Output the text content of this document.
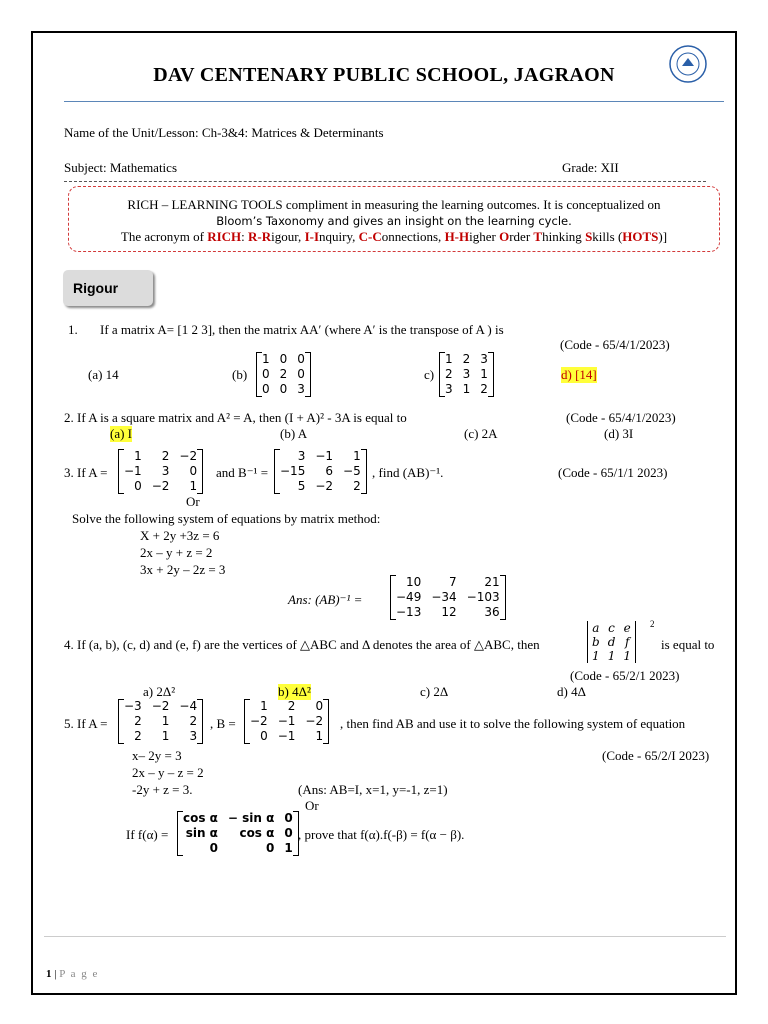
DAV CENTENARY PUBLIC SCHOOL, JAGRAON
Name of the Unit/Lesson: Ch-3&4: Matrices & Determinants
Subject: Mathematics	Grade: XII
RICH – LEARNING TOOLS compliment in measuring the learning outcomes. It is conceptualized on
Bloom’s Taxonomy and gives an insight on the learning cycle.
The acronym of RICH: R-Rigour, I-Inquiry, C-Connections, H-Higher Order Thinking Skills (HOTS)]
Rigour
1. If a matrix A= [1 2 3], then the matrix AA′ (where A′ is the transpose of A ) is
(Code - 65/4/1/2023)
(a) 14	(b)
1	0	0
0	2	0
0	0	3
c)
1	2	3
2	3	1
3	1	2
d) [14]
2. If A is a square matrix and A² = A, then (I + A)² - 3A is equal to	(Code - 65/4/1/2023)
(a) I	(b) A	(c) 2A	(d) 3I
3. If A =
1	2	−2
−1	3	0
0	−2	1
and B⁻¹ =
3	−1	1
−15	6	−5
5	−2	2
, find (AB)⁻¹.	(Code - 65/1/1 2023)
Or
Solve the following system of equations by matrix method:
X + 2y +3z = 6
2x – y + z = 2
3x + 2y – 2z = 3
Ans: (AB)⁻¹ =
10	7	21
−49	−34	−103
−13	12	36
4. If (a, b), (c, d) and (e, f) are the vertices of △ABC and Δ denotes the area of △ABC, then
a	c	e
b	d	f
1	1	1
2
is equal to
(Code - 65/2/1 2023)
a) 2Δ²	b) 4Δ²	c) 2Δ	d) 4Δ
5. If A =
−3	−2	−4
2	1	2
2	1	3
, B =
1	2	0
−2	−1	−2
0	−1	1
, then find AB and use it to solve the following system of equation
(Code - 65/2/I 2023)
x– 2y = 3
2x – y – z = 2
-2y + z = 3.	(Ans: AB=I, x=1, y=-1, z=1)
Or
If f(α) =
cos α	− sin α	0
sin α	cos α	0
0	0	1
, prove that f(α).f(-β) = f(α − β).
1 | P a g e
